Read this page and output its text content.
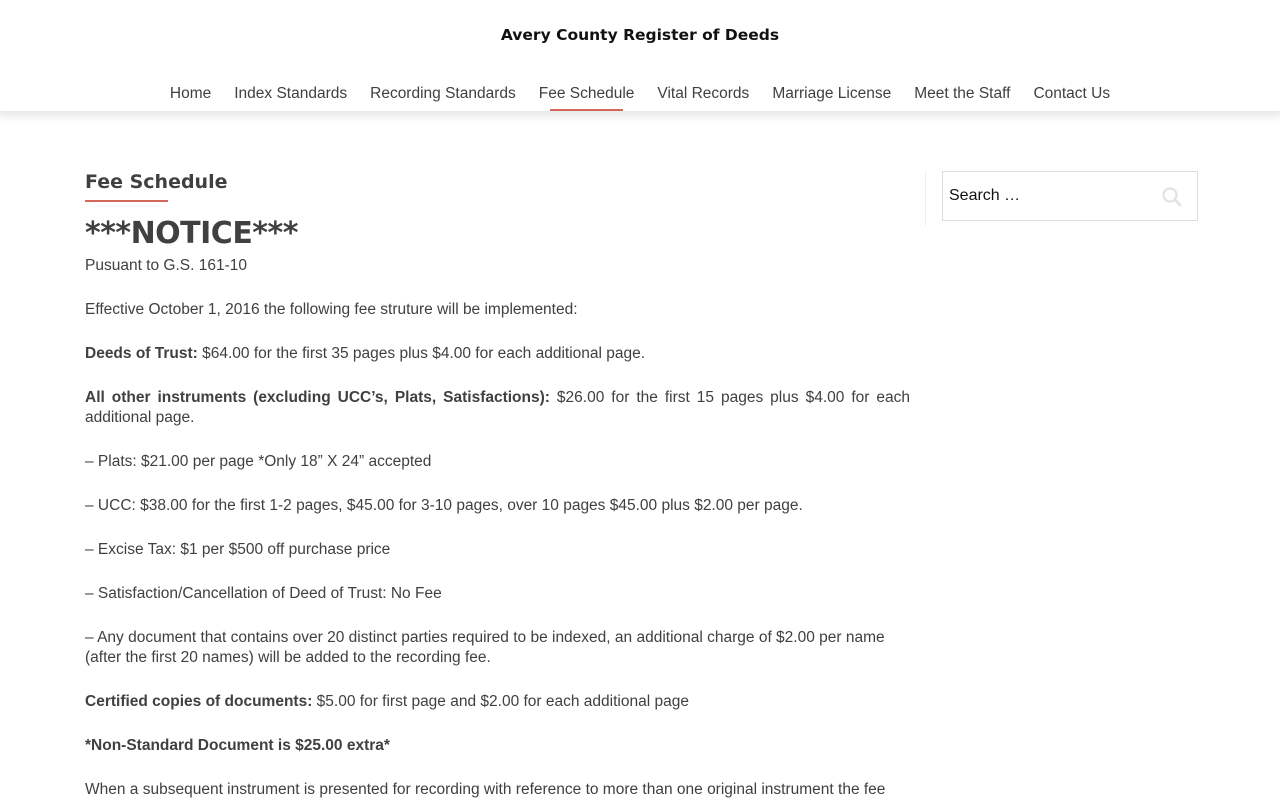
Avery County Register of Deeds
Home Index Standards Recording Standards Fee Schedule Vital Records Marriage License Meet the Staff Contact Us
Fee Schedule
***NOTICE***

Pusuant to G.S. 161-10

Effective October 1, 2016 the following fee struture will be implemented:

Deeds of Trust: $64.00 for the first 35 pages plus $4.00 for each additional page.

All other instruments (excluding UCC’s, Plats, Satisfactions): $26.00 for the first 15 pages plus $4.00 for each additional page.

– Plats: $21.00 per page *Only 18” X 24” accepted

– UCC: $38.00 for the first 1-2 pages, $45.00 for 3-10 pages, over 10 pages $45.00 plus $2.00 per page.

– Excise Tax: $1 per $500 off purchase price

– Satisfaction/Cancellation of Deed of Trust: No Fee

– Any document that contains over 20 distinct parties required to be indexed, an additional charge of $2.00 per name (after the first 20 names) will be added to the recording fee.

Certified copies of documents: $5.00 for first page and $2.00 for each additional page

*Non-Standard Document is $25.00 extra*

When a subsequent instrument is presented for recording with reference to more than one original instrument the fee

Search …
